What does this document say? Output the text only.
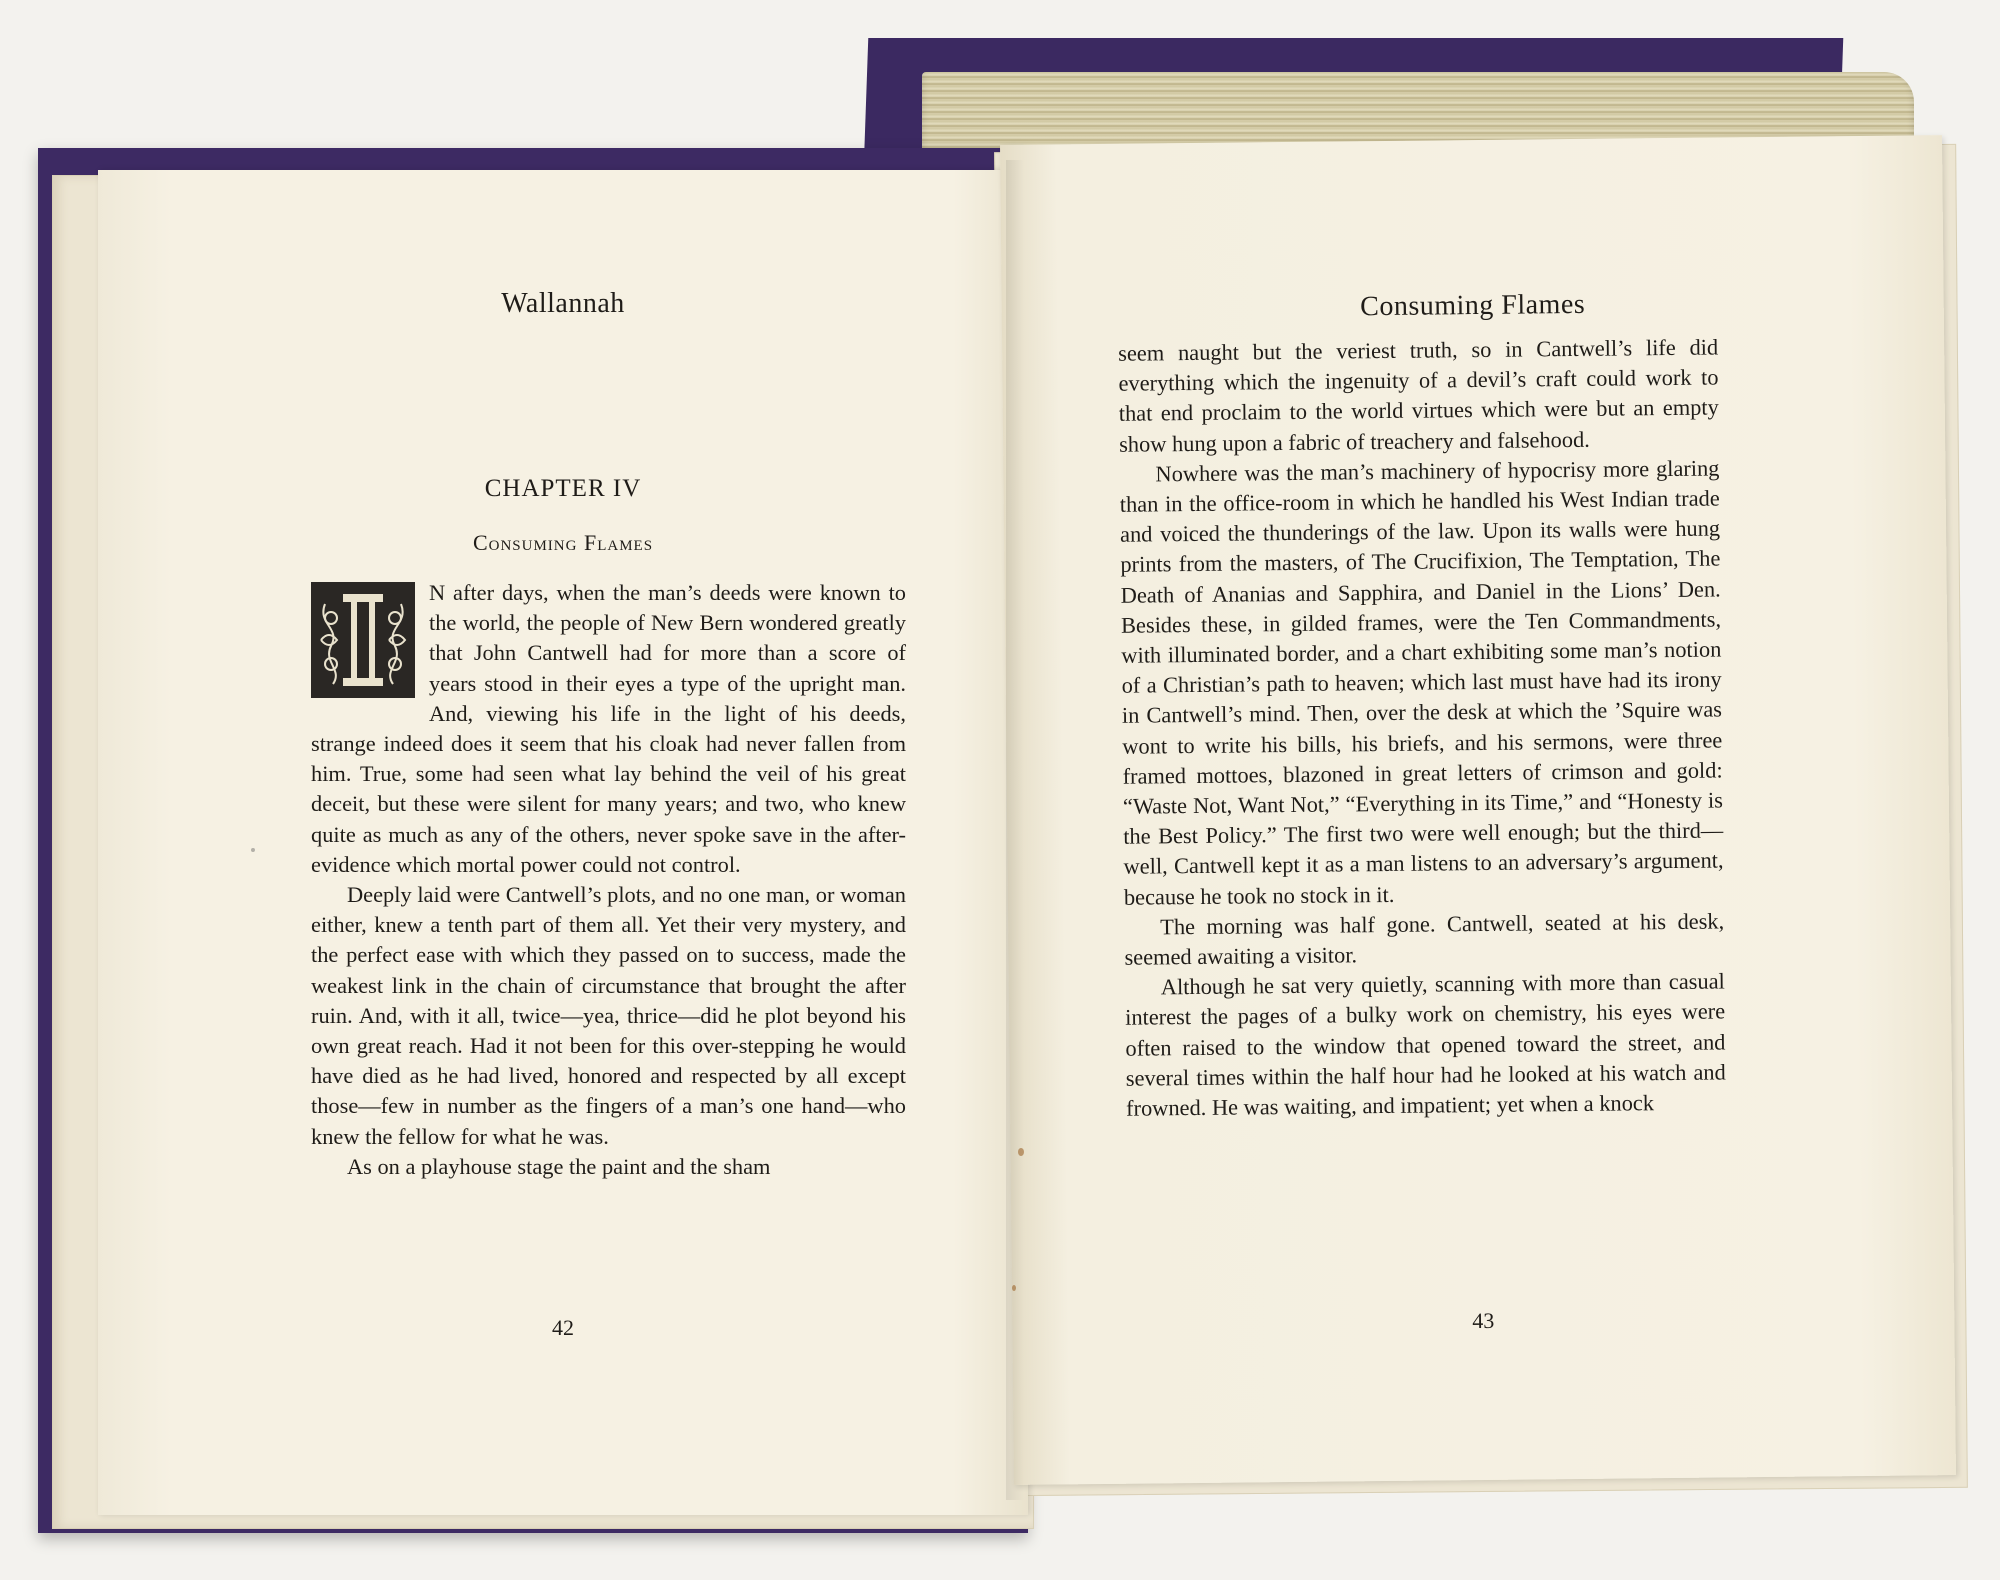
Wallannah
CHAPTER IV
Consuming Flames

N after days, when the man’s deeds were known to the world, the people of New Bern wondered greatly that John Cantwell had for more than a score of years stood in their eyes a type of the upright man. And, viewing his life in the light of his deeds, strange indeed does it seem that his cloak had never fallen from him. True, some had seen what lay behind the veil of his great deceit, but these were silent for many years; and two, who knew quite as much as any of the others, never spoke save in the after-evidence which mortal power could not control.

Deeply laid were Cantwell’s plots, and no one man, or woman either, knew a tenth part of them all. Yet their very mystery, and the perfect ease with which they passed on to success, made the weakest link in the chain of circumstance that brought the after ruin. And, with it all, twice—yea, thrice—did he plot beyond his own great reach. Had it not been for this over-stepping he would have died as he had lived, honored and respected by all except those—few in number as the fingers of a man’s one hand—who knew the fellow for what he was.

As on a playhouse stage the paint and the sham

42
Consuming Flames

seem naught but the veriest truth, so in Cantwell’s life did everything which the ingenuity of a devil’s craft could work to that end proclaim to the world virtues which were but an empty show hung upon a fabric of treachery and falsehood.

Nowhere was the man’s machinery of hypocrisy more glaring than in the office-room in which he handled his West Indian trade and voiced the thunderings of the law. Upon its walls were hung prints from the masters, of The Crucifixion, The Temptation, The Death of Ananias and Sapphira, and Daniel in the Lions’ Den. Besides these, in gilded frames, were the Ten Commandments, with illuminated border, and a chart exhibiting some man’s notion of a Christian’s path to heaven; which last must have had its irony in Cantwell’s mind. Then, over the desk at which the ’Squire was wont to write his bills, his briefs, and his sermons, were three framed mottoes, blazoned in great letters of crimson and gold: “Waste Not, Want Not,” “Everything in its Time,” and “Honesty is the Best Policy.” The first two were well enough; but the third—well, Cantwell kept it as a man listens to an adversary’s argument, because he took no stock in it.

The morning was half gone. Cantwell, seated at his desk, seemed awaiting a visitor.

Although he sat very quietly, scanning with more than casual interest the pages of a bulky work on chemistry, his eyes were often raised to the window that opened toward the street, and several times within the half hour had he looked at his watch and frowned. He was waiting, and impatient; yet when a knock

43
